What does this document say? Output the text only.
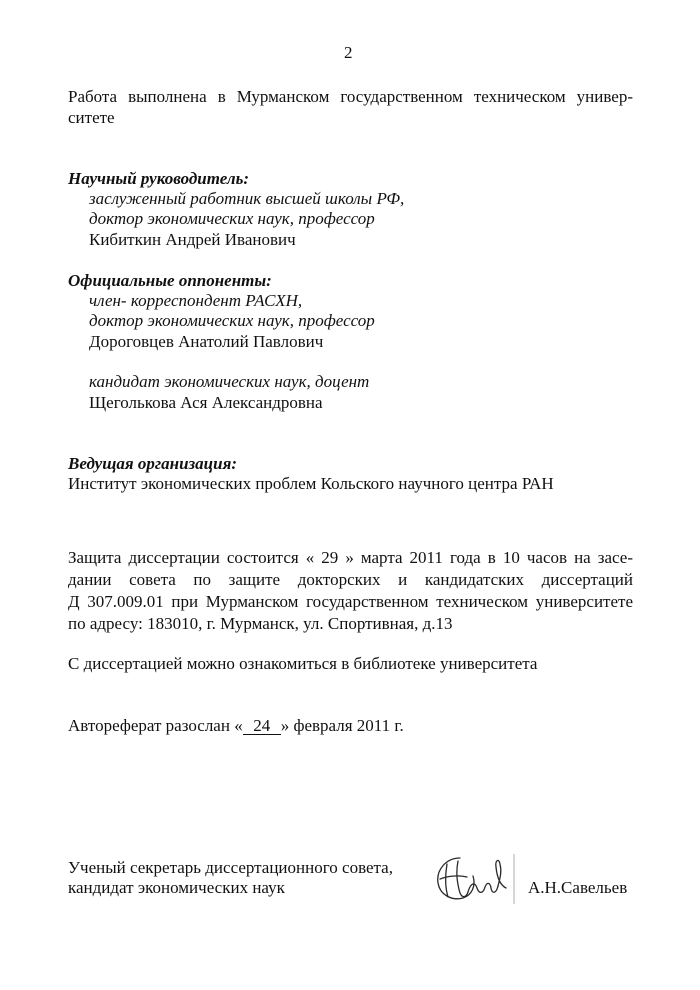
2
Работа выполнена в Мурманском государственном техническом универ-
ситете
Научный руководитель:
заслуженный работник высшей школы РФ,
доктор экономических наук, профессор
Кибиткин Андрей Иванович
Официальные оппоненты:
член- корреспондент РАСХН,
доктор экономических наук, профессор
Дороговцев Анатолий Павлович
кандидат экономических наук, доцент
Щеголькова Ася Александровна
Ведущая организация:
Институт экономических проблем Кольского научного центра РАН
Защита диссертации состоится « 29 » марта 2011 года в 10 часов на засе-
дании совета по защите докторских и кандидатских диссертаций
Д 307.009.01 при Мурманском государственном техническом университете
по адресу: 183010, г. Мурманск, ул. Спортивная, д.13
С диссертацией можно ознакомиться в библиотеке университета
Автореферат разослан « 24 » февраля 2011 г.
Ученый секретарь диссертационного совета,
кандидат экономических наук	А.Н.Савельев
